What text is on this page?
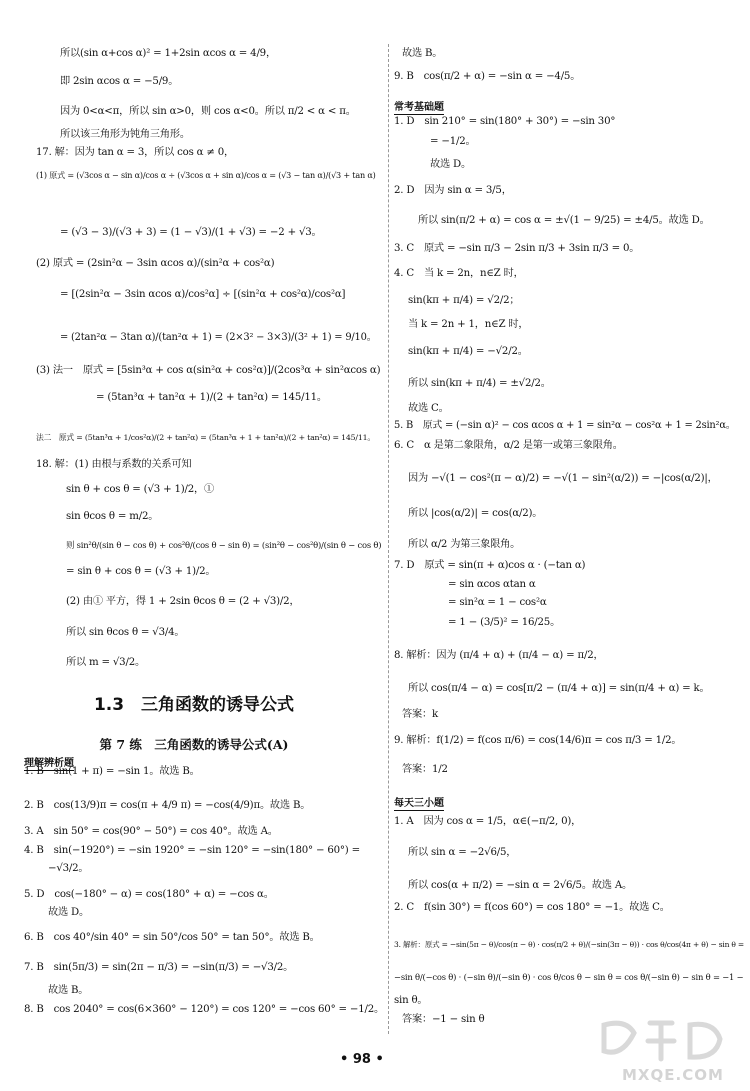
所以(sin α+cos α)² = 1+2sin αcos α = 4/9，
即 2sin αcos α = −5/9。
因为 0<α<π，所以 sin α>0，则 cos α<0。所以 π/2 < α < π。
所以该三角形为钝角三角形。
17. 解：因为 tan α = 3，所以 cos α ≠ 0，
(1) 原式 = (√3cos α − sin α)/cos α ÷ (√3cos α + sin α)/cos α = (√3 − tan α)/(√3 + tan α)
= (√3 − 3)/(√3 + 3) = (1 − √3)/(1 + √3) = −2 + √3。
(2) 原式 = (2sin²α − 3sin αcos α)/(sin²α + cos²α)
= [(2sin²α − 3sin αcos α)/cos²α] ÷ [(sin²α + cos²α)/cos²α]
= (2tan²α − 3tan α)/(tan²α + 1) = (2×3² − 3×3)/(3² + 1) = 9/10。
(3) 法一　原式 = [5sin³α + cos α(sin²α + cos²α)]/(2cos³α + sin²αcos α)
= (5tan³α + tan²α + 1)/(2 + tan²α) = 145/11。
法二　原式 = (5tan³α + 1/cos²α)/(2 + tan²α) = (5tan³α + 1 + tan²α)/(2 + tan²α) = 145/11。
18. 解：(1) 由根与系数的关系可知
sin θ + cos θ = (√3 + 1)/2，①
sin θcos θ = m/2。
则 sin²θ/(sin θ − cos θ) + cos²θ/(cos θ − sin θ) = (sin²θ − cos²θ)/(sin θ − cos θ)
= sin θ + cos θ = (√3 + 1)/2。
(2) 由① 平方，得 1 + 2sin θcos θ = (2 + √3)/2，
所以 sin θcos θ = √3/4。
所以 m = √3/2。
1. B　sin(1 + π) = −sin 1。故选 B。
2. B　cos(13/9)π = cos(π + 4/9 π) = −cos(4/9)π。故选 B。
3. A　sin 50° = cos(90° − 50°) = cos 40°。故选 A。
4. B　sin(−1920°) = −sin 1920° = −sin 120° = −sin(180° − 60°) =
−√3/2。
5. D　cos(−180° − α) = cos(180° + α) = −cos α。
故选 D。
6. B　cos 40°/sin 40° = sin 50°/cos 50° = tan 50°。故选 B。
7. B　sin(5π/3) = sin(2π − π/3) = −sin(π/3) = −√3/2。
故选 B。
8. B　cos 2040° = cos(6×360° − 120°) = cos 120° = −cos 60° = −1/2。
故选 B。
9. B　cos(π/2 + α) = −sin α = −4/5。
1. D　sin 210° = sin(180° + 30°) = −sin 30°
= −1/2。
故选 D。
2. D　因为 sin α = 3/5，
所以 sin(π/2 + α) = cos α = ±√(1 − 9/25) = ±4/5。故选 D。
3. C　原式 = −sin π/3 − 2sin π/3 + 3sin π/3 = 0。
4. C　当 k = 2n，n∈Z 时，
sin(kπ + π/4) = √2/2；
当 k = 2n + 1，n∈Z 时，
sin(kπ + π/4) = −√2/2。
所以 sin(kπ + π/4) = ±√2/2。
故选 C。
5. B　原式 = (−sin α)² − cos αcos α + 1 = sin²α − cos²α + 1 = 2sin²α。
6. C　α 是第二象限角，α/2 是第一或第三象限角。
因为 −√(1 − cos²(π − α)/2) = −√(1 − sin²(α/2)) = −|cos(α/2)|，
所以 |cos(α/2)| = cos(α/2)。
所以 α/2 为第三象限角。
7. D　原式 = sin(π + α)cos α · (−tan α)
= sin αcos αtan α
= sin²α = 1 − cos²α
= 1 − (3/5)² = 16/25。
8. 解析：因为 (π/4 + α) + (π/4 − α) = π/2，
所以 cos(π/4 − α) = cos[π/2 − (π/4 + α)] = sin(π/4 + α) = k。
答案：k
9. 解析：f(1/2) = f(cos π/6) = cos(14/6)π = cos π/3 = 1/2。
答案：1/2
1. A　因为 cos α = 1/5，α∈(−π/2, 0)，
所以 sin α = −2√6/5，
所以 cos(α + π/2) = −sin α = 2√6/5。故选 A。
2. C　f(sin 30°) = f(cos 60°) = cos 180° = −1。故选 C。
3. 解析：原式 = −sin(5π − θ)/cos(π − θ) · cos(π/2 + θ)/(−sin(3π − θ)) · cos θ/cos(4π + θ) − sin θ =
−sin θ/(−cos θ) · (−sin θ)/(−sin θ) · cos θ/cos θ − sin θ = cos θ/(−sin θ) − sin θ = −1 −
sin θ。
答案：−1 − sin θ
1.3　三角函数的诱导公式
第 7 练　三角函数的诱导公式(A)
理解辨析题
常考基础题
每天三小题
• 98 •
MXQE.COM
